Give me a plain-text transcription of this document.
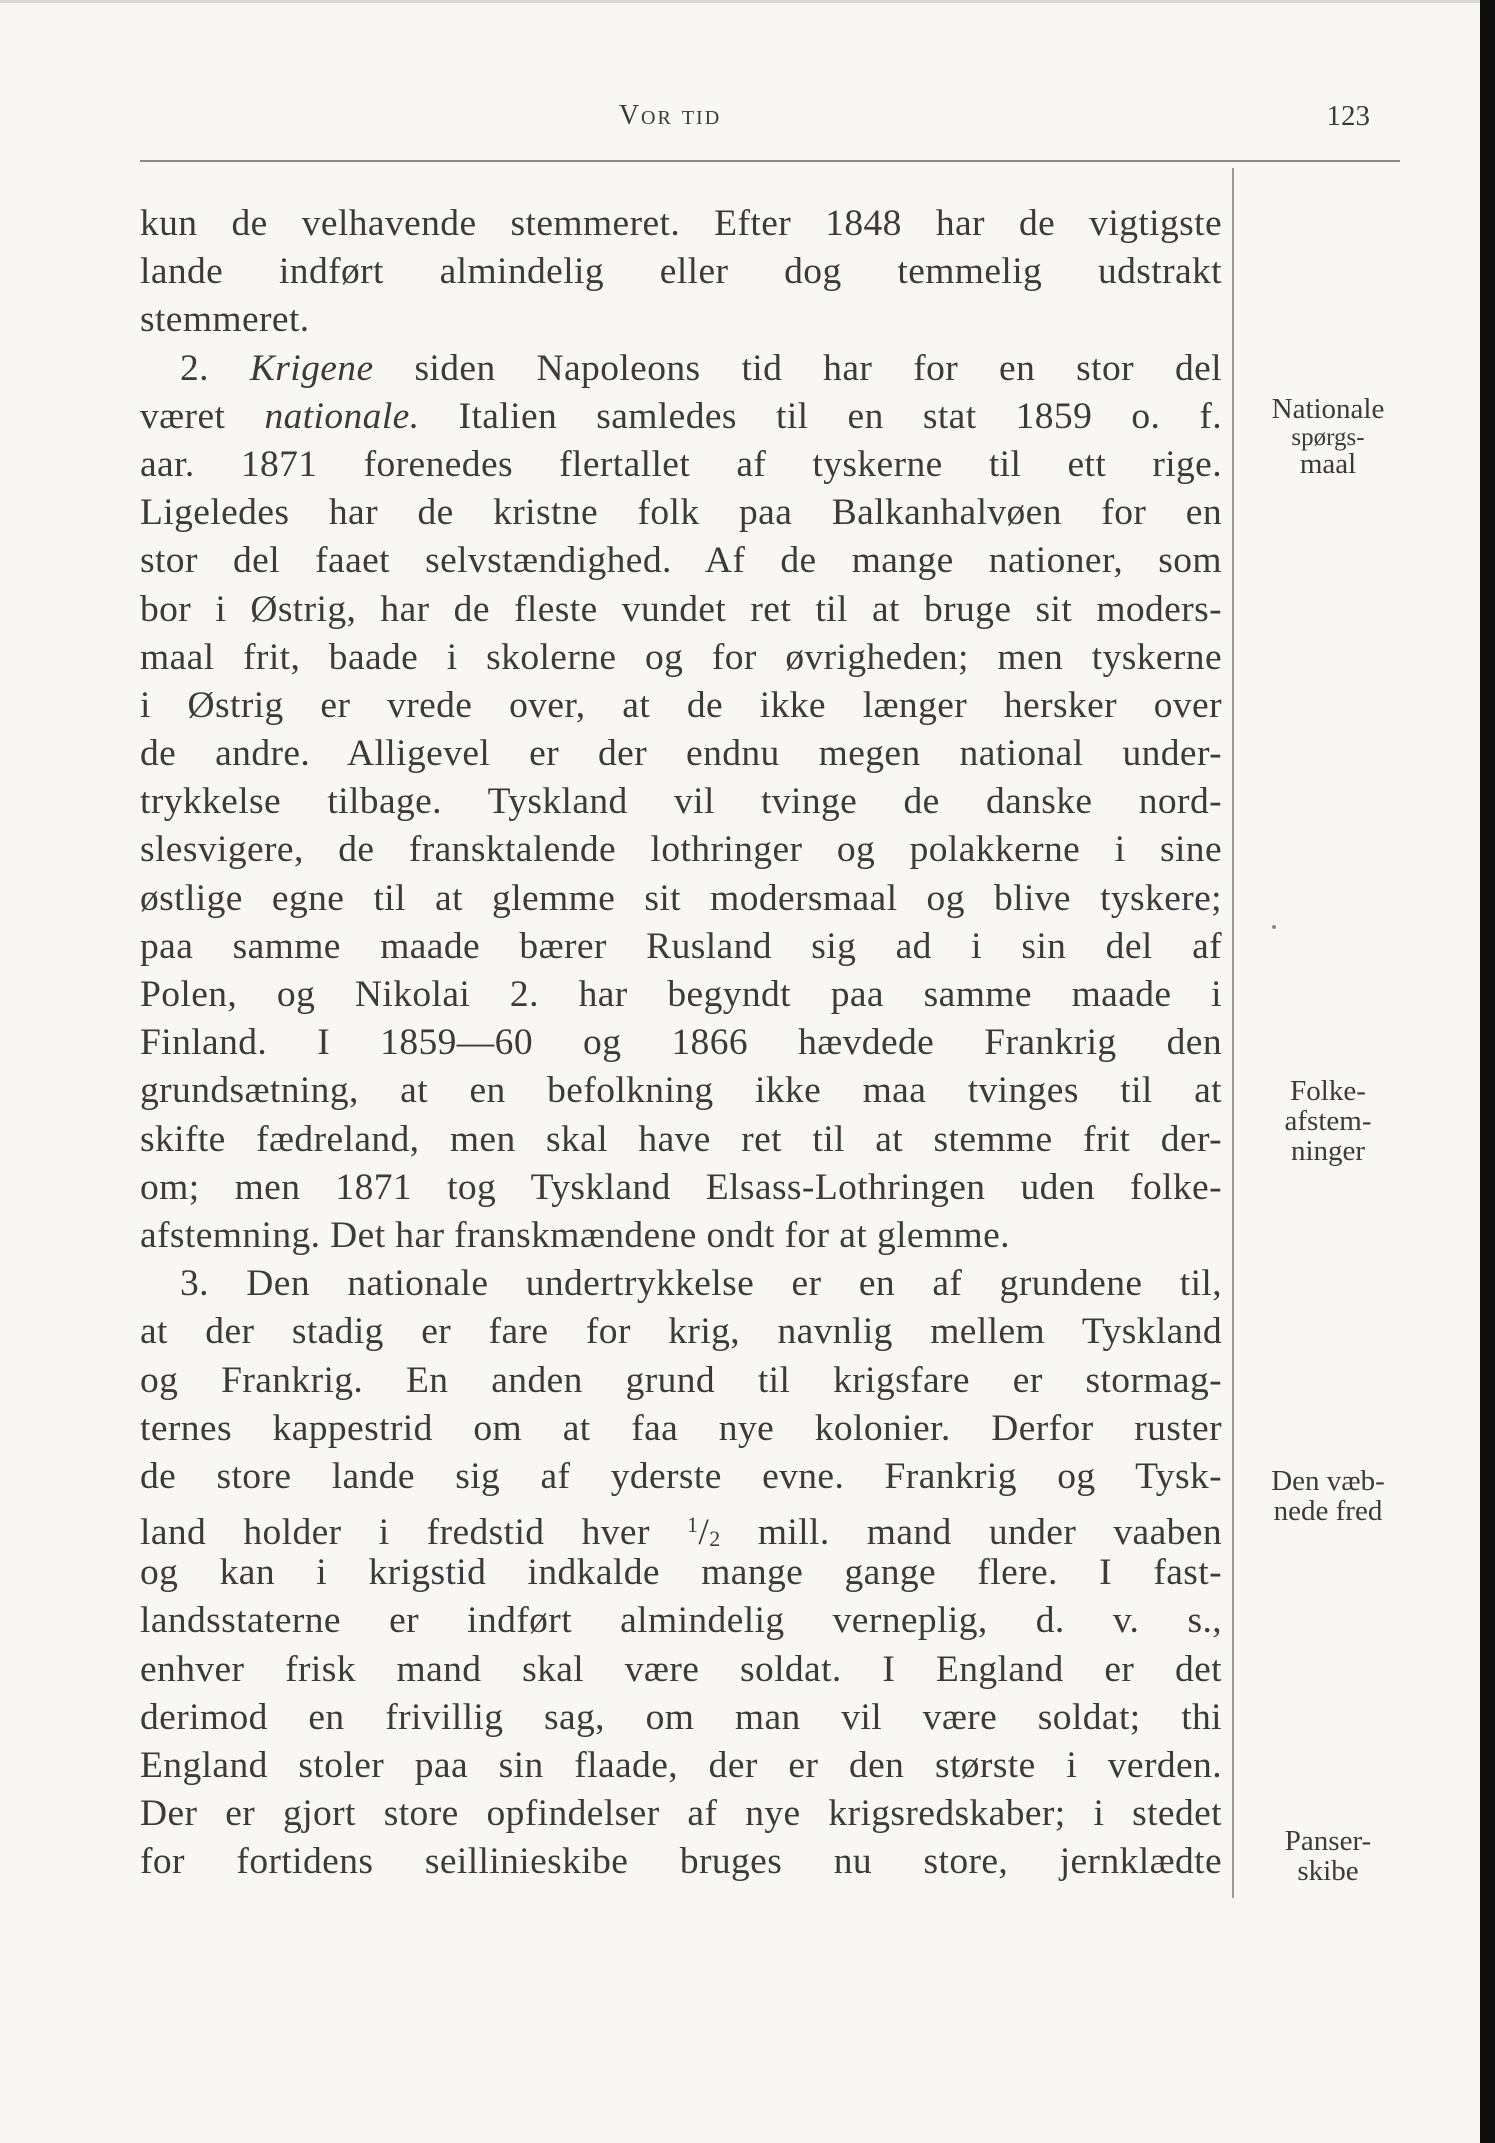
Vor tid	123
kun de velhavende stemmeret. Efter 1848 har de vigtigste
lande indført almindelig eller dog temmelig udstrakt
stemmeret.
2. Krigene siden Napoleons tid har for en stor del
været nationale. Italien samledes til en stat 1859 o. f.
aar. 1871 forenedes flertallet af tyskerne til ett rige.
Ligeledes har de kristne folk paa Balkanhalvøen for en
stor del faaet selvstændighed. Af de mange nationer, som
bor i Østrig, har de fleste vundet ret til at bruge sit moders-
maal frit, baade i skolerne og for øvrigheden; men tyskerne
i Østrig er vrede over, at de ikke længer hersker over
de andre. Alligevel er der endnu megen national under-
trykkelse tilbage. Tyskland vil tvinge de danske nord-
slesvigere, de fransktalende lothringer og polakkerne i sine
østlige egne til at glemme sit modersmaal og blive tyskere;
paa samme maade bærer Rusland sig ad i sin del af
Polen, og Nikolai 2. har begyndt paa samme maade i
Finland. I 1859—60 og 1866 hævdede Frankrig den
grundsætning, at en befolkning ikke maa tvinges til at
skifte fædreland, men skal have ret til at stemme frit der-
om; men 1871 tog Tyskland Elsass-Lothringen uden folke-
afstemning. Det har franskmændene ondt for at glemme.
3. Den nationale undertrykkelse er en af grundene til,
at der stadig er fare for krig, navnlig mellem Tyskland
og Frankrig. En anden grund til krigsfare er stormag-
ternes kappestrid om at faa nye kolonier. Derfor ruster
de store lande sig af yderste evne. Frankrig og Tysk-
land holder i fredstid hver $^1$/2 mill. mand under vaaben
og kan i krigstid indkalde mange gange flere. I fast-
landsstaterne er indført almindelig verneplig, d. v. s.,
enhver frisk mand skal være soldat. I England er det
derimod en frivillig sag, om man vil være soldat; thi
England stoler paa sin flaade, der er den største i verden.
Der er gjort store opfindelser af nye krigsredskaber; i stedet
for fortidens seillinieskibe bruges nu store, jernklædte
Nationale
spørgs-
maal
Folke-
afstem-
ninger
Den væb-
nede fred
Panser-
skibe
